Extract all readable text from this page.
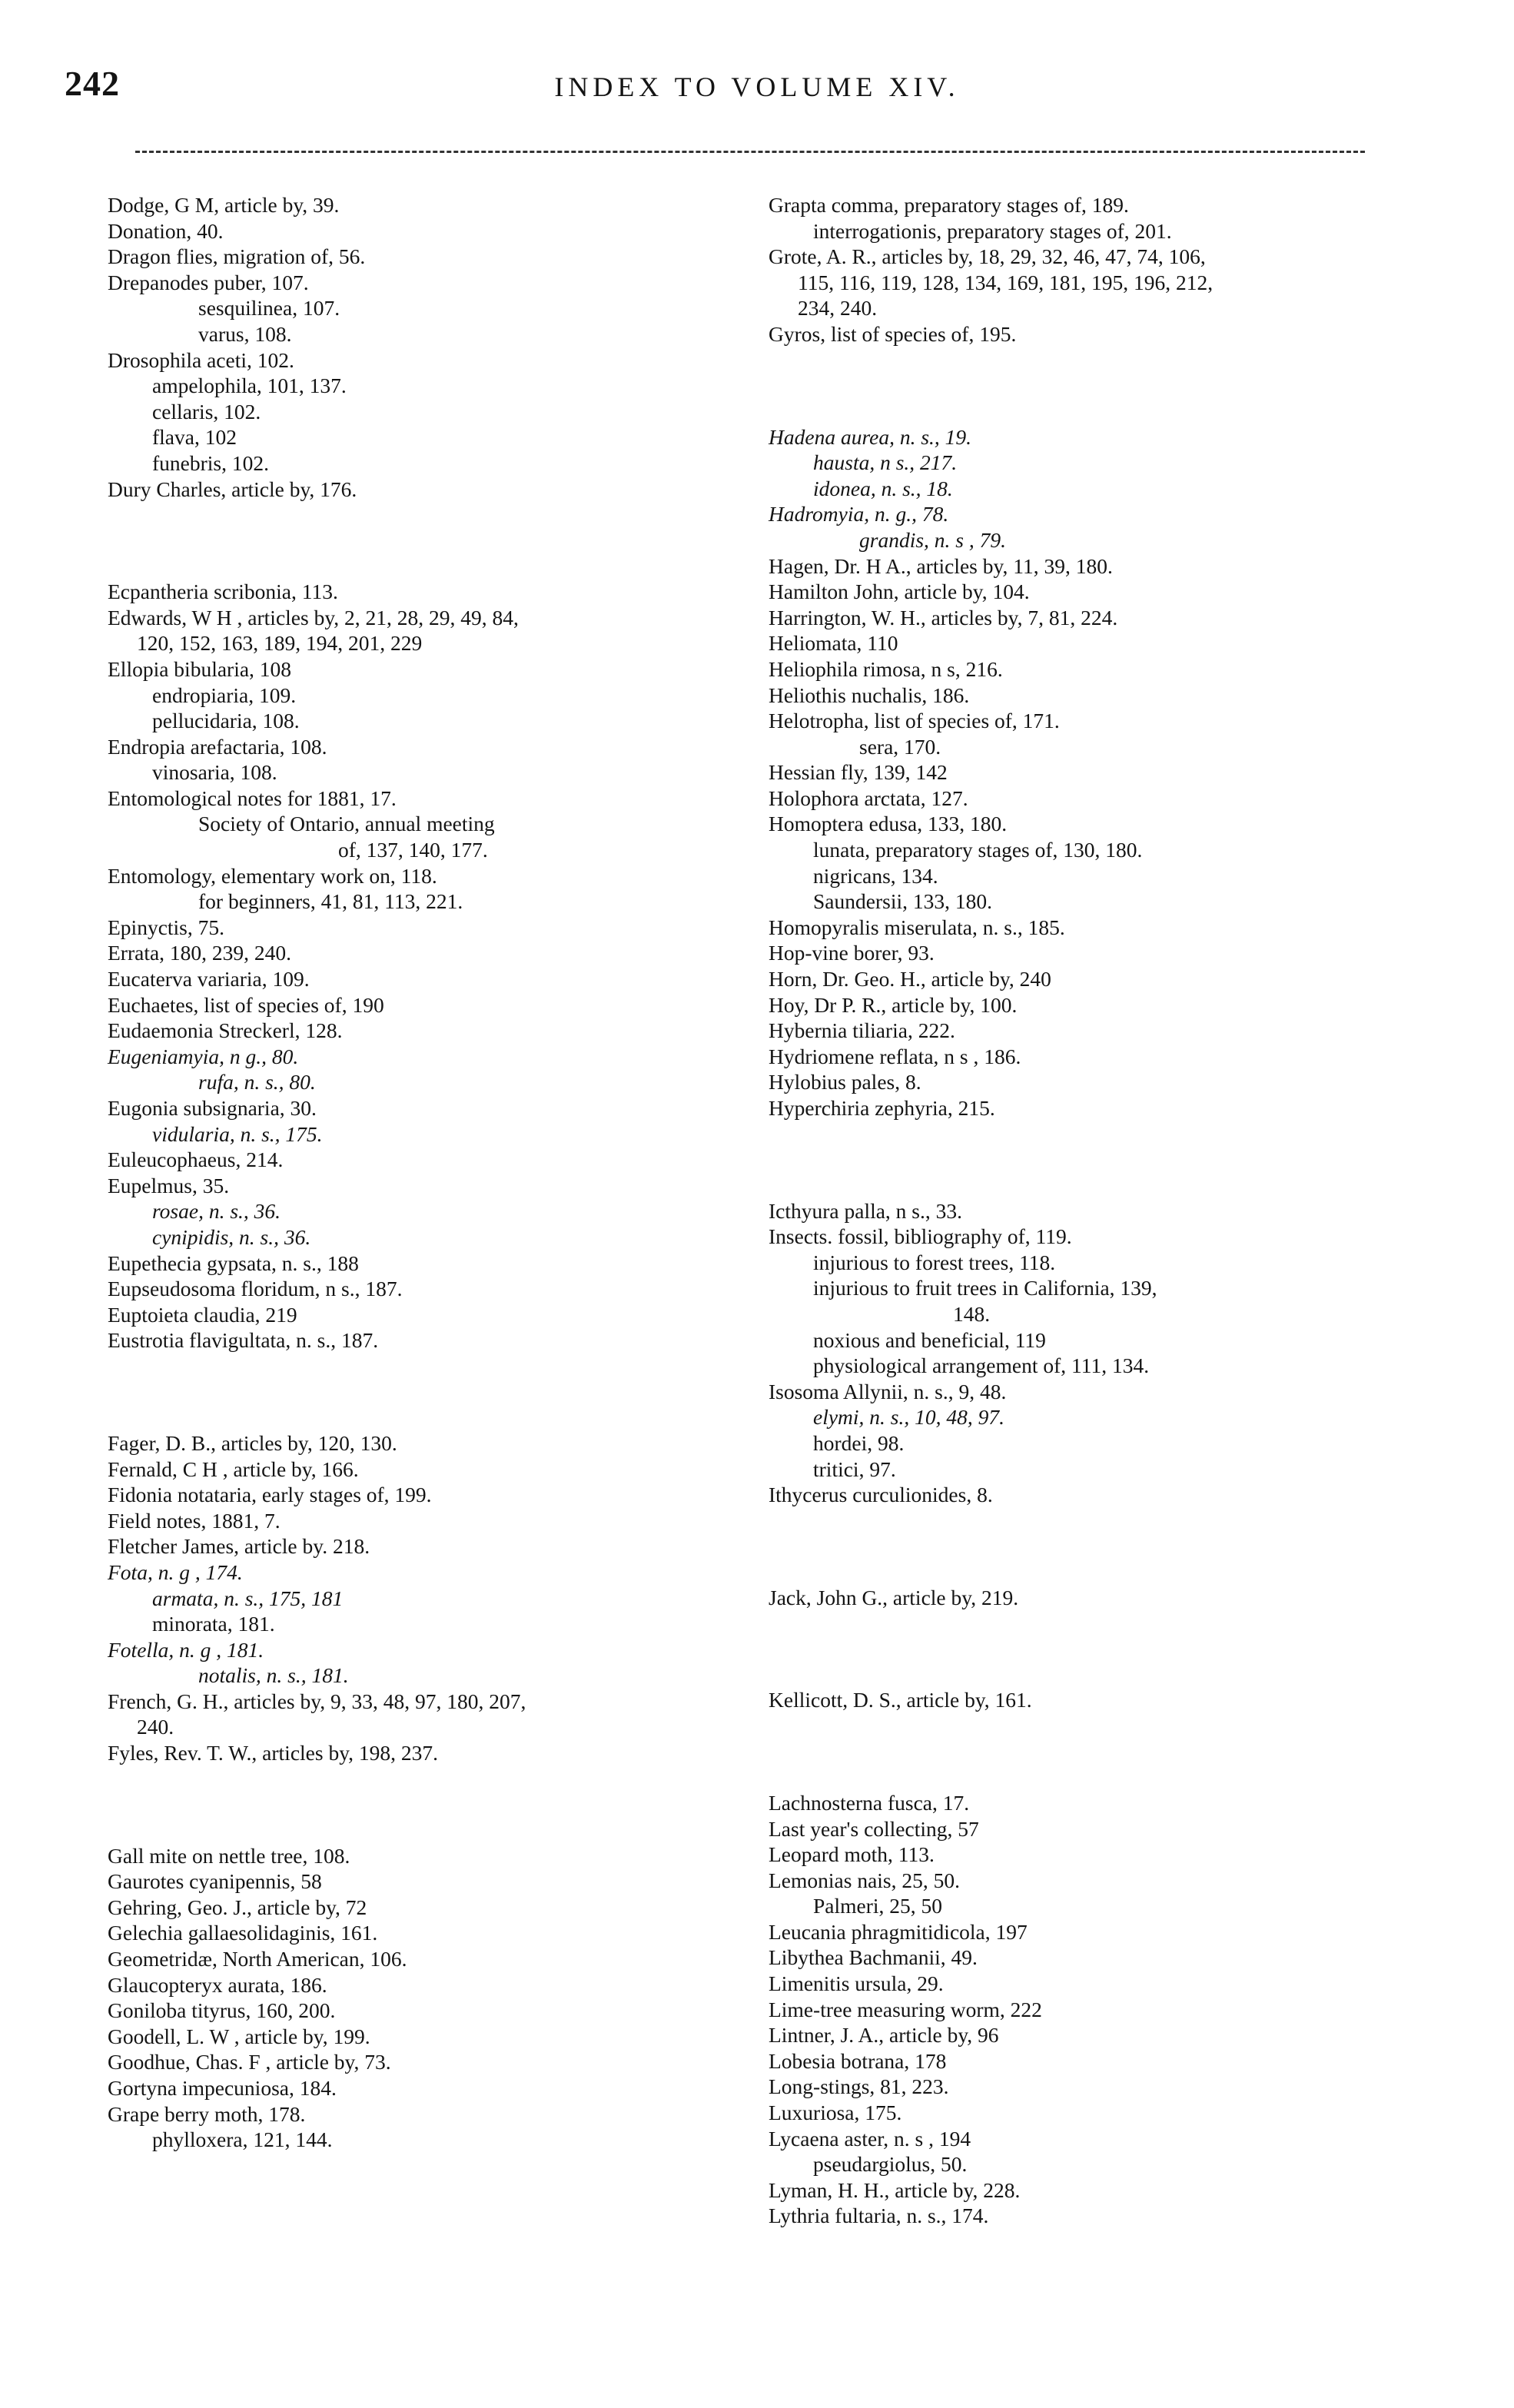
242	INDEX TO VOLUME XIV.
Dodge, G M, article by, 39.
Donation, 40.
Dragon flies, migration of, 56.
Drepanodes puber, 107.
sesquilinea, 107.
varus, 108.
Drosophila aceti, 102.
ampelophila, 101, 137.
cellaris, 102.
flava, 102
funebris, 102.
Dury Charles, article by, 176.
Ecpantheria scribonia, 113.
Edwards, W H , articles by, 2, 21, 28, 29, 49, 84,
120, 152, 163, 189, 194, 201, 229
Ellopia bibularia, 108
endropiaria, 109.
pellucidaria, 108.
Endropia arefactaria, 108.
vinosaria, 108.
Entomological notes for 1881, 17.
Society of Ontario, annual meeting
of, 137, 140, 177.
Entomology, elementary work on, 118.
for beginners, 41, 81, 113, 221.
Epinyctis, 75.
Errata, 180, 239, 240.
Eucaterva variaria, 109.
Euchaetes, list of species of, 190
Eudaemonia Streckerl, 128.
Eugeniamyia, n g., 80.
rufa, n. s., 80.
Eugonia subsignaria, 30.
vidularia, n. s., 175.
Euleucophaeus, 214.
Eupelmus, 35.
rosae, n. s., 36.
cynipidis, n. s., 36.
Eupethecia gypsata, n. s., 188
Eupseudosoma floridum, n s., 187.
Euptoieta claudia, 219
Eustrotia flavigultata, n. s., 187.
Fager, D. B., articles by, 120, 130.
Fernald, C H , article by, 166.
Fidonia notataria, early stages of, 199.
Field notes, 1881, 7.
Fletcher James, article by. 218.
Fota, n. g , 174.
armata, n. s., 175, 181
minorata, 181.
Fotella, n. g , 181.
notalis, n. s., 181.
French, G. H., articles by, 9, 33, 48, 97, 180, 207,
240.
Fyles, Rev. T. W., articles by, 198, 237.
Gall mite on nettle tree, 108.
Gaurotes cyanipennis, 58
Gehring, Geo. J., article by, 72
Gelechia gallaesolidaginis, 161.
Geometridæ, North American, 106.
Glaucopteryx aurata, 186.
Goniloba tityrus, 160, 200.
Goodell, L. W , article by, 199.
Goodhue, Chas. F , article by, 73.
Gortyna impecuniosa, 184.
Grape berry moth, 178.
phylloxera, 121, 144.
Grapta comma, preparatory stages of, 189.
interrogationis, preparatory stages of, 201.
Grote, A. R., articles by, 18, 29, 32, 46, 47, 74, 106,
115, 116, 119, 128, 134, 169, 181, 195, 196, 212,
234, 240.
Gyros, list of species of, 195.
Hadena aurea, n. s., 19.
hausta, n s., 217.
idonea, n. s., 18.
Hadromyia, n. g., 78.
grandis, n. s , 79.
Hagen, Dr. H A., articles by, 11, 39, 180.
Hamilton John, article by, 104.
Harrington, W. H., articles by, 7, 81, 224.
Heliomata, 110
Heliophila rimosa, n s, 216.
Heliothis nuchalis, 186.
Helotropha, list of species of, 171.
sera, 170.
Hessian fly, 139, 142
Holophora arctata, 127.
Homoptera edusa, 133, 180.
lunata, preparatory stages of, 130, 180.
nigricans, 134.
Saundersii, 133, 180.
Homopyralis miserulata, n. s., 185.
Hop-vine borer, 93.
Horn, Dr. Geo. H., article by, 240
Hoy, Dr P. R., article by, 100.
Hybernia tiliaria, 222.
Hydriomene reflata, n s , 186.
Hylobius pales, 8.
Hyperchiria zephyria, 215.
Icthyura palla, n s., 33.
Insects. fossil, bibliography of, 119.
injurious to forest trees, 118.
injurious to fruit trees in California, 139,
148.
noxious and beneficial, 119
physiological arrangement of, 111, 134.
Isosoma Allynii, n. s., 9, 48.
elymi, n. s., 10, 48, 97.
hordei, 98.
tritici, 97.
Ithycerus curculionides, 8.
Jack, John G., article by, 219.
Kellicott, D. S., article by, 161.
Lachnosterna fusca, 17.
Last year's collecting, 57
Leopard moth, 113.
Lemonias nais, 25, 50.
Palmeri, 25, 50
Leucania phragmitidicola, 197
Libythea Bachmanii, 49.
Limenitis ursula, 29.
Lime-tree measuring worm, 222
Lintner, J. A., article by, 96
Lobesia botrana, 178
Long-stings, 81, 223.
Luxuriosa, 175.
Lycaena aster, n. s , 194
pseudargiolus, 50.
Lyman, H. H., article by, 228.
Lythria fultaria, n. s., 174.
